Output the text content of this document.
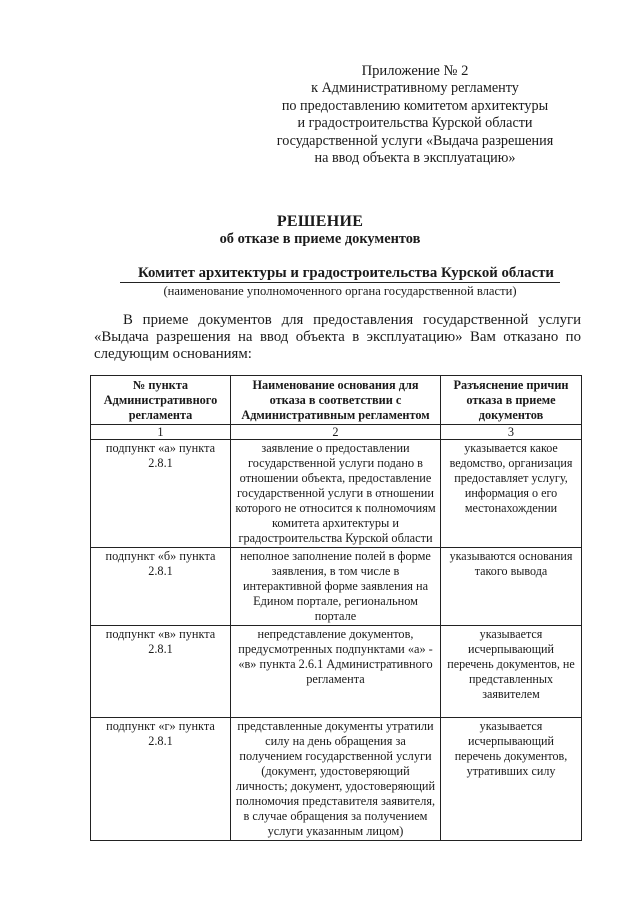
Приложение № 2
к Административному регламенту
по предоставлению комитетом архитектуры
и градостроительства Курской области
государственной услуги «Выдача разрешения
на ввод объекта в эксплуатацию»
РЕШЕНИЕ
об отказе в приеме документов
Комитет архитектуры и градостроительства Курской области
(наименование уполномоченного органа государственной власти)
В приеме документов для предоставления государственной услуги «Выдача разрешения на ввод объекта в эксплуатацию» Вам отказано по следующим основаниям:
№ пункта Административного регламента	Наименование основания для отказа в соответствии с Административным регламентом	Разъяснение причин отказа в приеме документов
1	2	3
подпункт «а» пункта 2.8.1	заявление о предоставлении государственной услуги подано в отношении объекта, предоставление государственной услуги в отношении которого не относится к полномочиям комитета архитектуры и градостроительства Курской области	указывается какое ведомство, организация предоставляет услугу, информация о его местонахождении
подпункт «б» пункта 2.8.1	неполное заполнение полей в форме заявления, в том числе в интерактивной форме заявления на Едином портале, региональном портале	указываются основания такого вывода
подпункт «в» пункта 2.8.1	непредставление документов, предусмотренных подпунктами «а» - «в» пункта 2.6.1 Административного регламента	указывается исчерпывающий перечень документов, не представленных заявителем
подпункт «г» пункта 2.8.1	представленные документы утратили силу на день обращения за получением государственной услуги (документ, удостоверяющий личность; документ, удостоверяющий полномочия представителя заявителя, в случае обращения за получением услуги указанным лицом)	указывается исчерпывающий перечень документов, утративших силу
